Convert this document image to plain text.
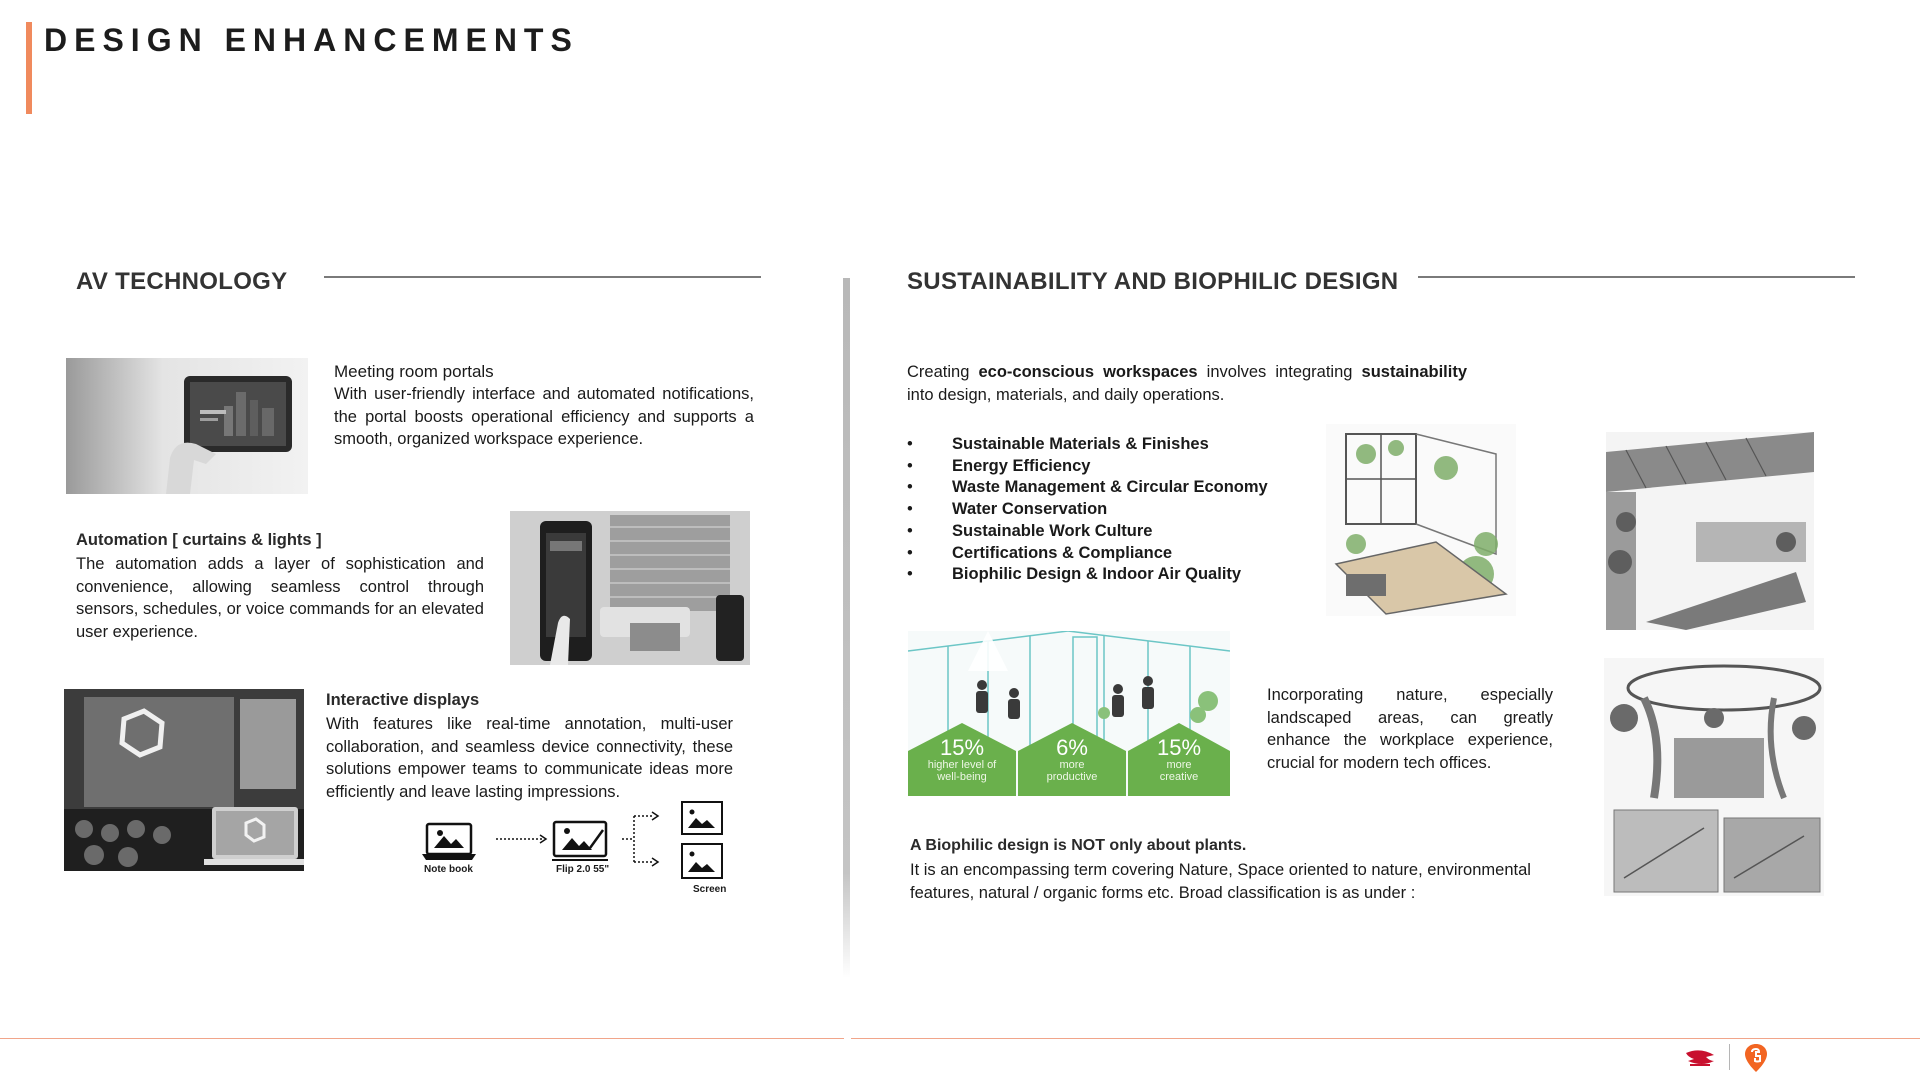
DESIGN ENHANCEMENTS
AV TECHNOLOGY
Meeting room portals
With user-friendly interface and automated notifications, the portal boosts operational efficiency and supports a smooth, organized workspace experience.
Automation [ curtains & lights ]
The automation adds a layer of sophistication and convenience, allowing seamless control through sensors, schedules, or voice commands for an elevated user experience.
Interactive displays
With features like real-time annotation, multi-user collaboration, and seamless device connectivity, these solutions empower teams to communicate ideas more efficiently and leave lasting impressions.
Note book	Flip 2.0 55"
Screen
SUSTAINABILITY AND BIOPHILIC DESIGN
Creating eco-conscious workspaces involves integrating sustainability into design, materials, and daily operations.
• Sustainable Materials & Finishes
• Energy Efficiency
• Waste Management & Circular Economy
• Water Conservation
• Sustainable Work Culture
• Certifications & Compliance
• Biophilic Design & Indoor Air Quality
15%
higher level of
well-being
6%
more
productive
15%
more
creative
Incorporating nature, especially landscaped areas, can greatly enhance the workplace experience, crucial for modern tech offices.
A Biophilic design is NOT only about plants.
It is an encompassing term covering Nature, Space oriented to nature, environmental features, natural / organic forms etc. Broad classification is as under :
